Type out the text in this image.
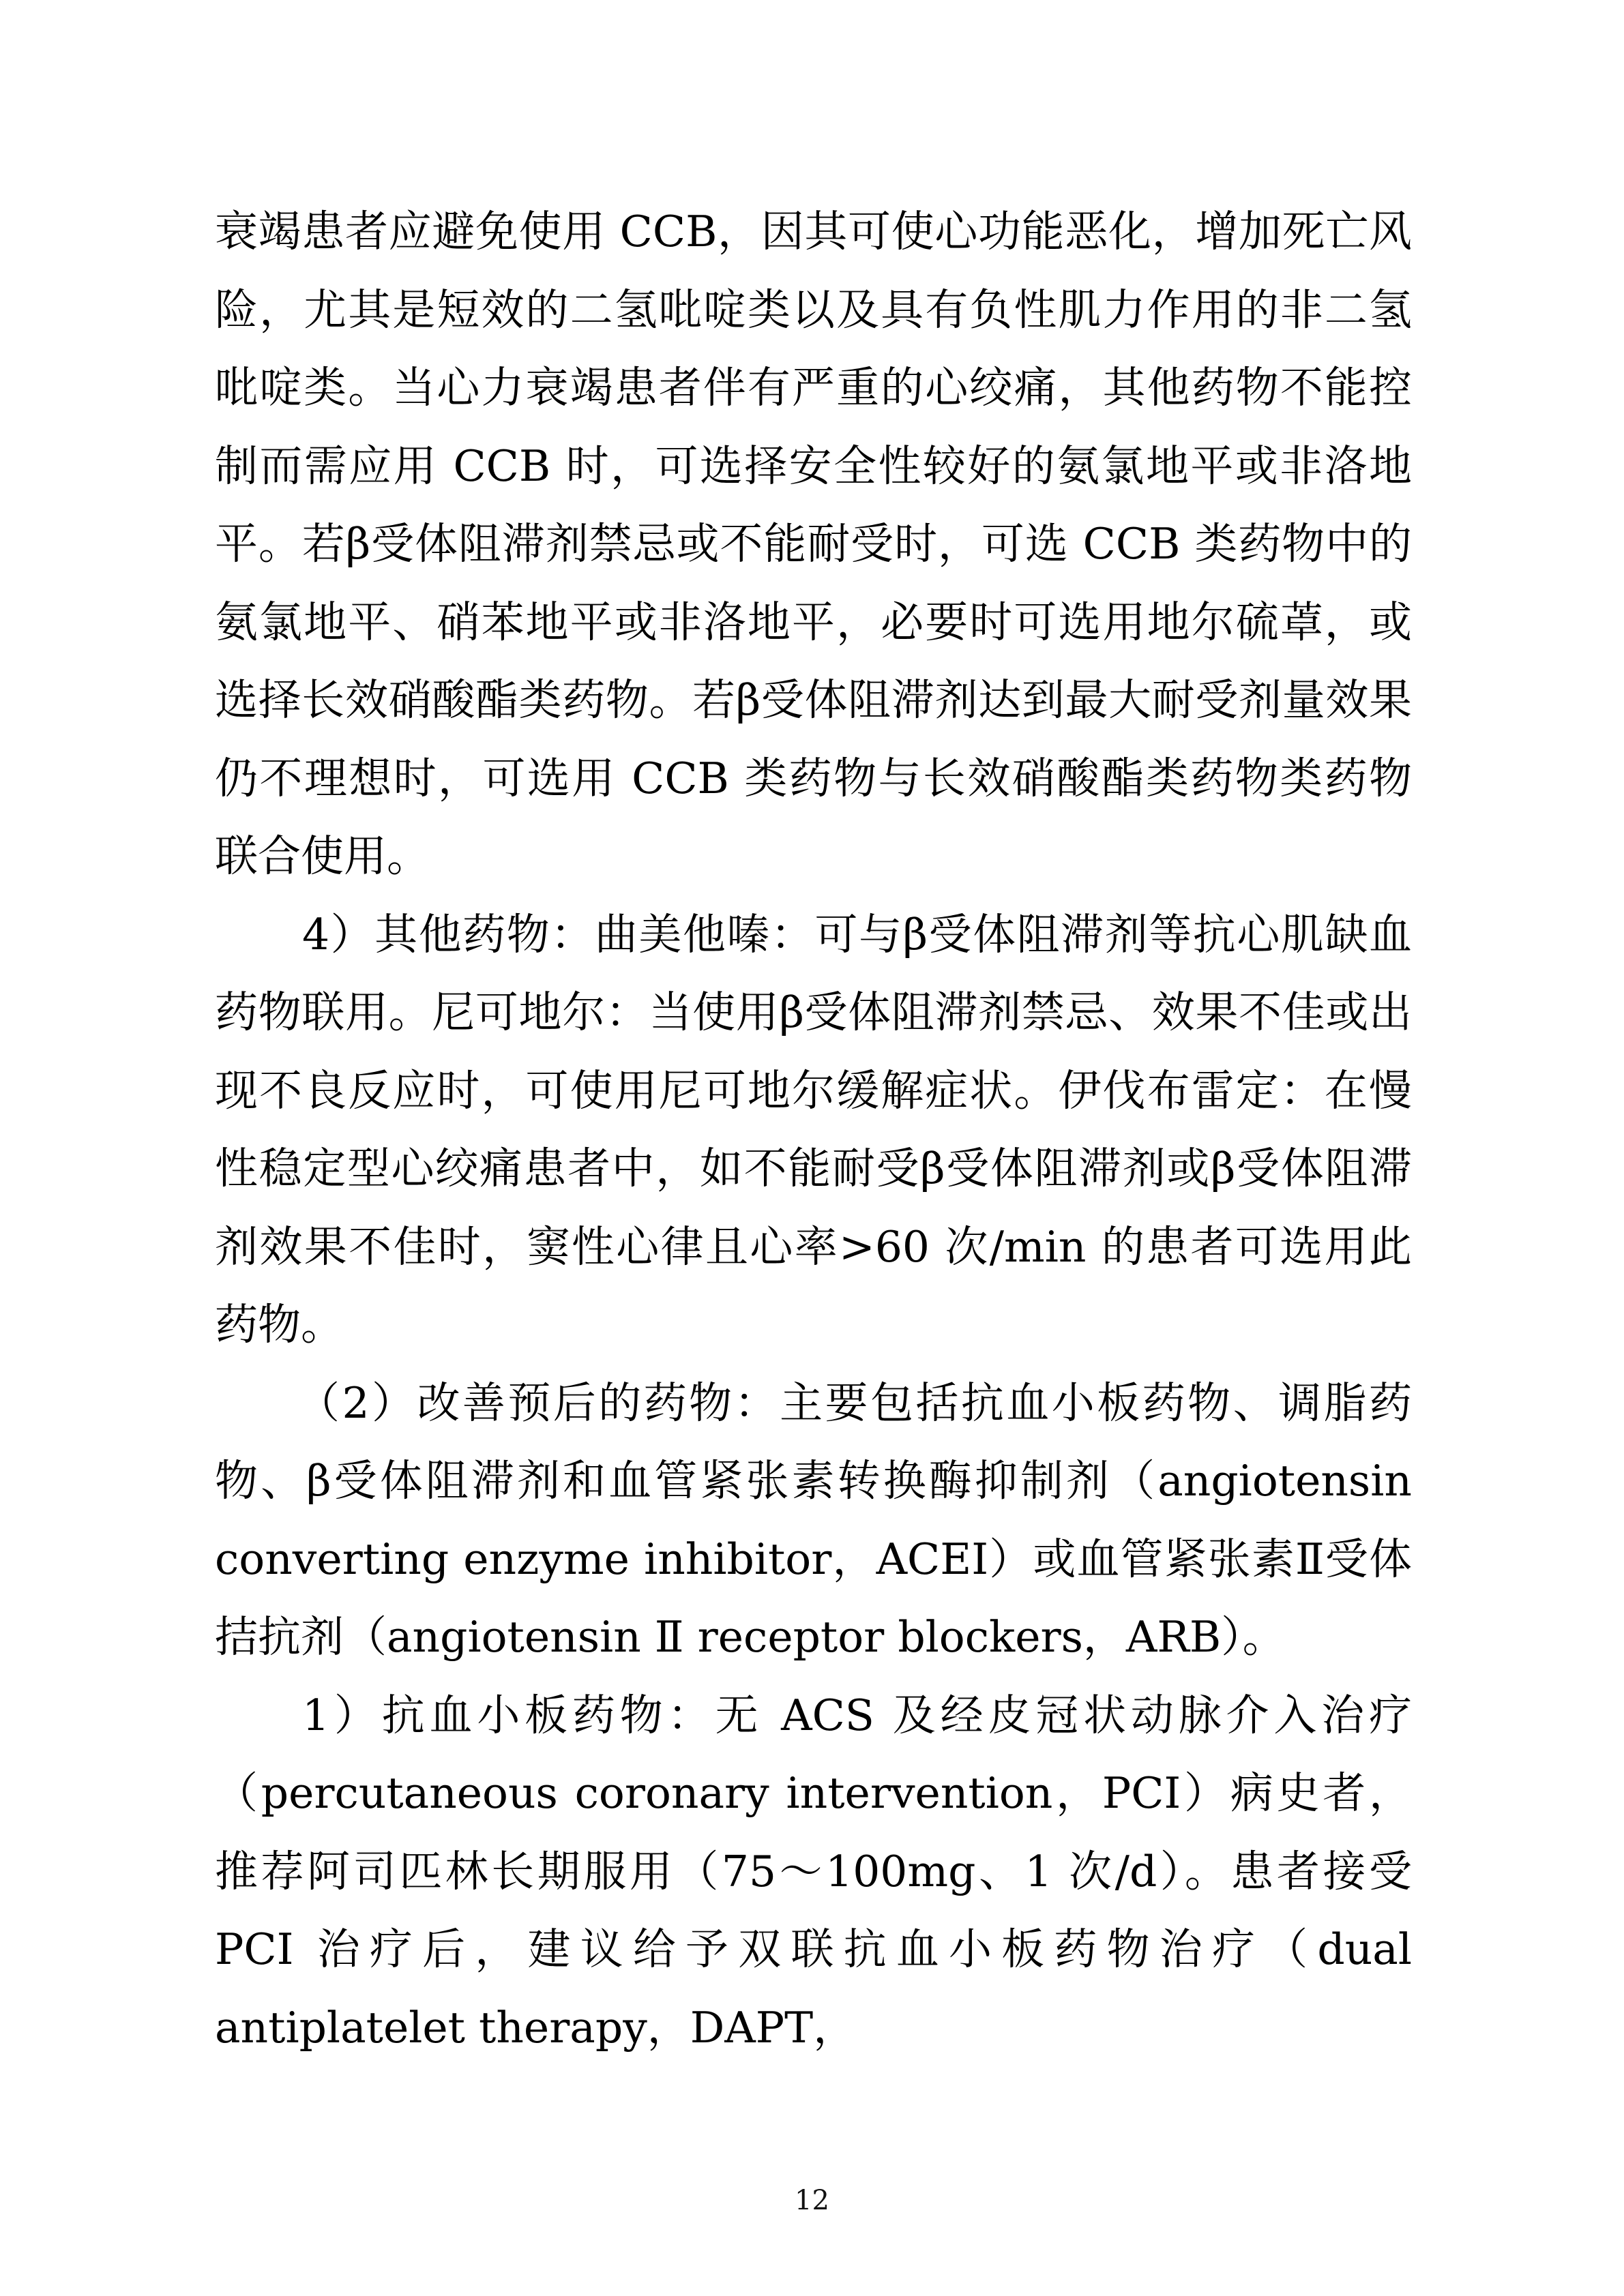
衰竭患者应避免使用 CCB，因其可使心功能恶化，增加死亡风险，尤其是短效的二氢吡啶类以及具有负性肌力作用的非二氢吡啶类。当心力衰竭患者伴有严重的心绞痛，其他药物不能控制而需应用 CCB 时，可选择安全性较好的氨氯地平或非洛地平。若β受体阻滞剂禁忌或不能耐受时，可选 CCB 类药物中的氨氯地平、硝苯地平或非洛地平，必要时可选用地尔硫䓬，或选择长效硝酸酯类药物。若β受体阻滞剂达到最大耐受剂量效果仍不理想时，可选用 CCB 类药物与长效硝酸酯类药物类药物联合使用。

4）其他药物：曲美他嗪：可与β受体阻滞剂等抗心肌缺血药物联用。尼可地尔：当使用β受体阻滞剂禁忌、效果不佳或出现不良反应时，可使用尼可地尔缓解症状。伊伐布雷定：在慢性稳定型心绞痛患者中，如不能耐受β受体阻滞剂或β受体阻滞剂效果不佳时，窦性心律且心率>60 次/min 的患者可选用此药物。

（2）改善预后的药物：主要包括抗血小板药物、调脂药物、β受体阻滞剂和血管紧张素转换酶抑制剂（angiotensin converting enzyme inhibitor，ACEI）或血管紧张素Ⅱ受体拮抗剂（angiotensin Ⅱ receptor blockers，ARB）。

1）抗血小板药物：无 ACS 及经皮冠状动脉介入治疗（percutaneous coronary intervention，PCI）病史者，推荐阿司匹林长期服用（75～100mg、1 次/d）。患者接受 PCI 治疗后，建议给予双联抗血小板药物治疗（dual antiplatelet therapy，DAPT，

12
